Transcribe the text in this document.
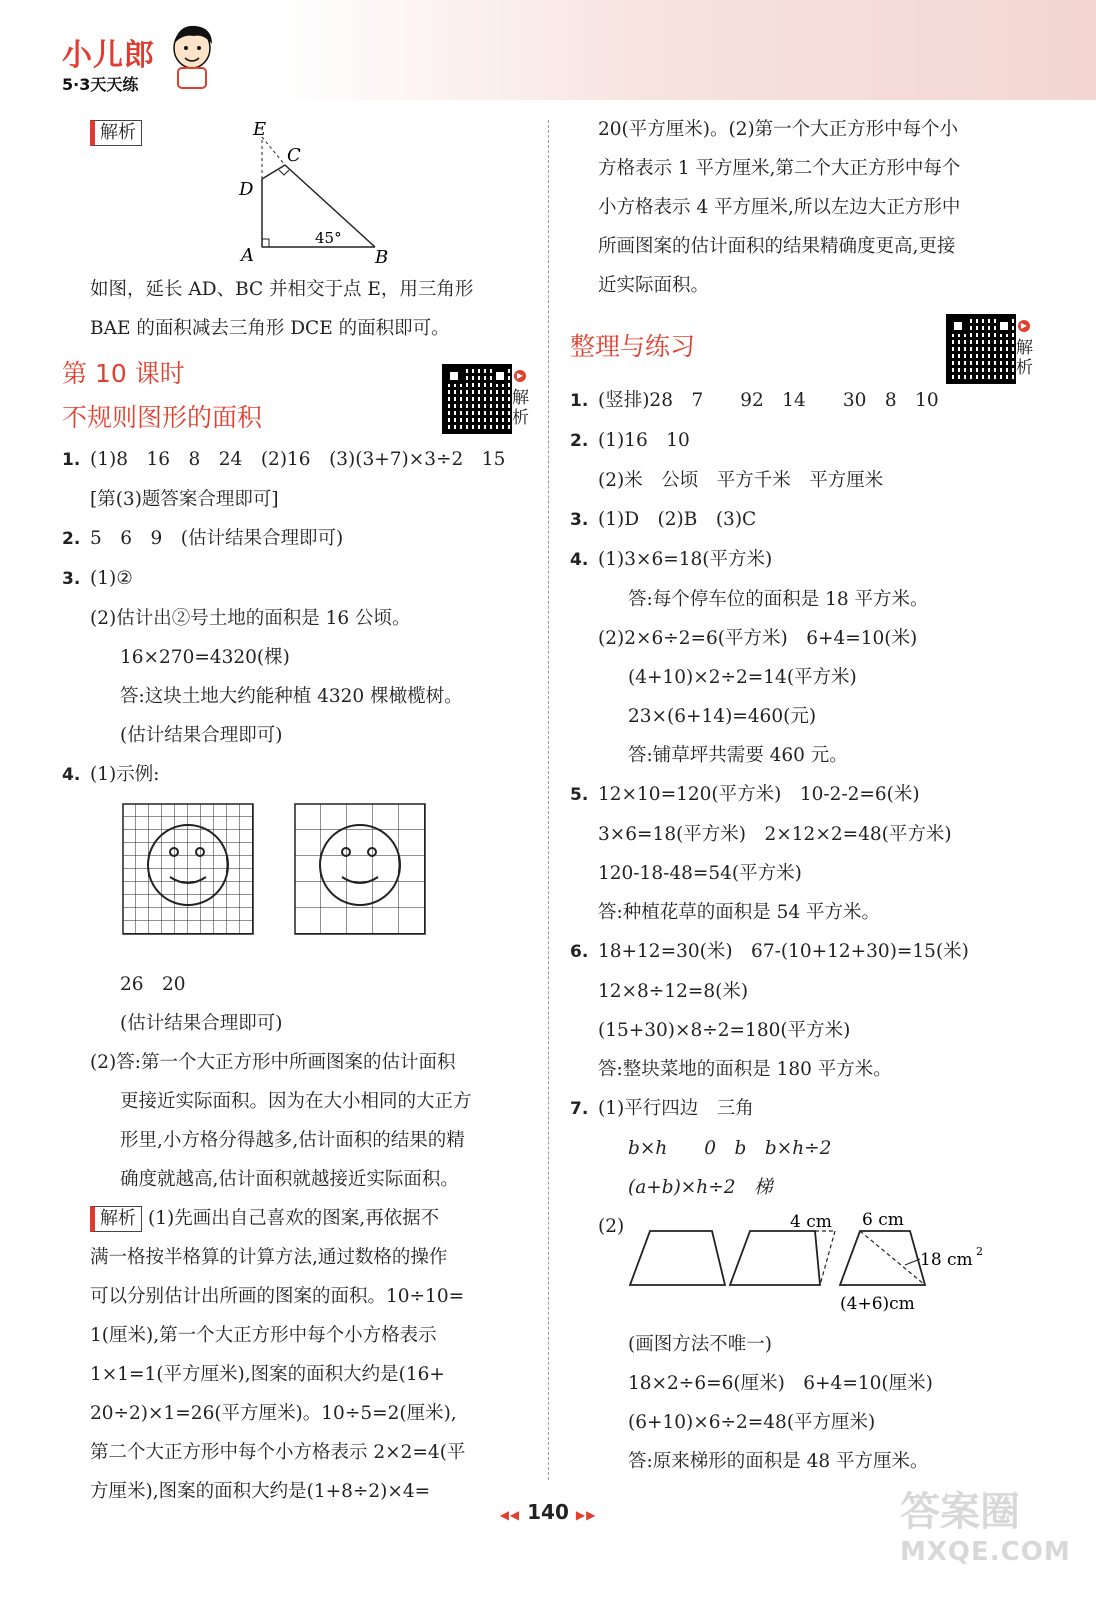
小儿郎
5·3天天练
解析	E
C
D
A	B
45°

如图，延长 AD、BC 并相交于点 E，用三角形

BAE 的面积减去三角形 DCE 的面积即可。

第 10 课时
不规则图形的面积

1. (1)8　16　8　24　(2)16　(3)(3+7)×3÷2　15

[第(3)题答案合理即可]

2. 5　6　9　(估计结果合理即可)

3. (1)②

(2)估计出②号土地的面积是 16 公顷。

16×270=4320(棵)

答:这块土地大约能种植 4320 棵橄榄树。

(估计结果合理即可)

4. (1)示例:

26　20

(估计结果合理即可)

(2)答:第一个大正方形中所画图案的估计面积

更接近实际面积。因为在大小相同的大正方

形里,小方格分得越多,估计面积的结果的精

确度就越高,估计面积就越接近实际面积。

解析 (1)先画出自己喜欢的图案,再依据不

满一格按半格算的计算方法,通过数格的操作

可以分别估计出所画的图案的面积。10÷10=

1(厘米),第一个大正方形中每个小方格表示

1×1=1(平方厘米),图案的面积大约是(16+

20÷2)×1=26(平方厘米)。10÷5=2(厘米),

第二个大正方形中每个小方格表示 2×2=4(平

方厘米),图案的面积大约是(1+8÷2)×4=

▶
解析

20(平方厘米)。(2)第一个大正方形中每个小

方格表示 1 平方厘米,第二个大正方形中每个

小方格表示 4 平方厘米,所以左边大正方形中

所画图案的估计面积的结果精确度更高,更接

近实际面积。

整理与练习

1. (竖排)28　7　　92　14　　30　8　10

2. (1)16　10

(2)米　公顷　平方千米　平方厘米

3. (1)D　(2)B　(3)C

4. (1)3×6=18(平方米)

答:每个停车位的面积是 18 平方米。

(2)2×6÷2=6(平方米)　6+4=10(米)

(4+10)×2÷2=14(平方米)

23×(6+14)=460(元)

答:铺草坪共需要 460 元。

5. 12×10=120(平方米)　10-2-2=6(米)

3×6=18(平方米)　2×12×2=48(平方米)

120-18-48=54(平方米)

答:种植花草的面积是 54 平方米。

6. 18+12=30(米)　67-(10+12+30)=15(米)

12×8÷12=8(米)

(15+30)×8÷2=180(平方米)

答:整块菜地的面积是 180 平方米。

7. (1)平行四边　三角

b×h　　0　b　b×h÷2

(a+b)×h÷2　梯

(2)	4 cm 6 cm
18 cm 2
(4+6)cm

(画图方法不唯一)

18×2÷6=6(厘米)　6+4=10(厘米)

(6+10)×6÷2=48(平方厘米)

答:原来梯形的面积是 48 平方厘米。

▶
解析
◀◀ 140 ▶▶	答案圈
MXQE.COM
